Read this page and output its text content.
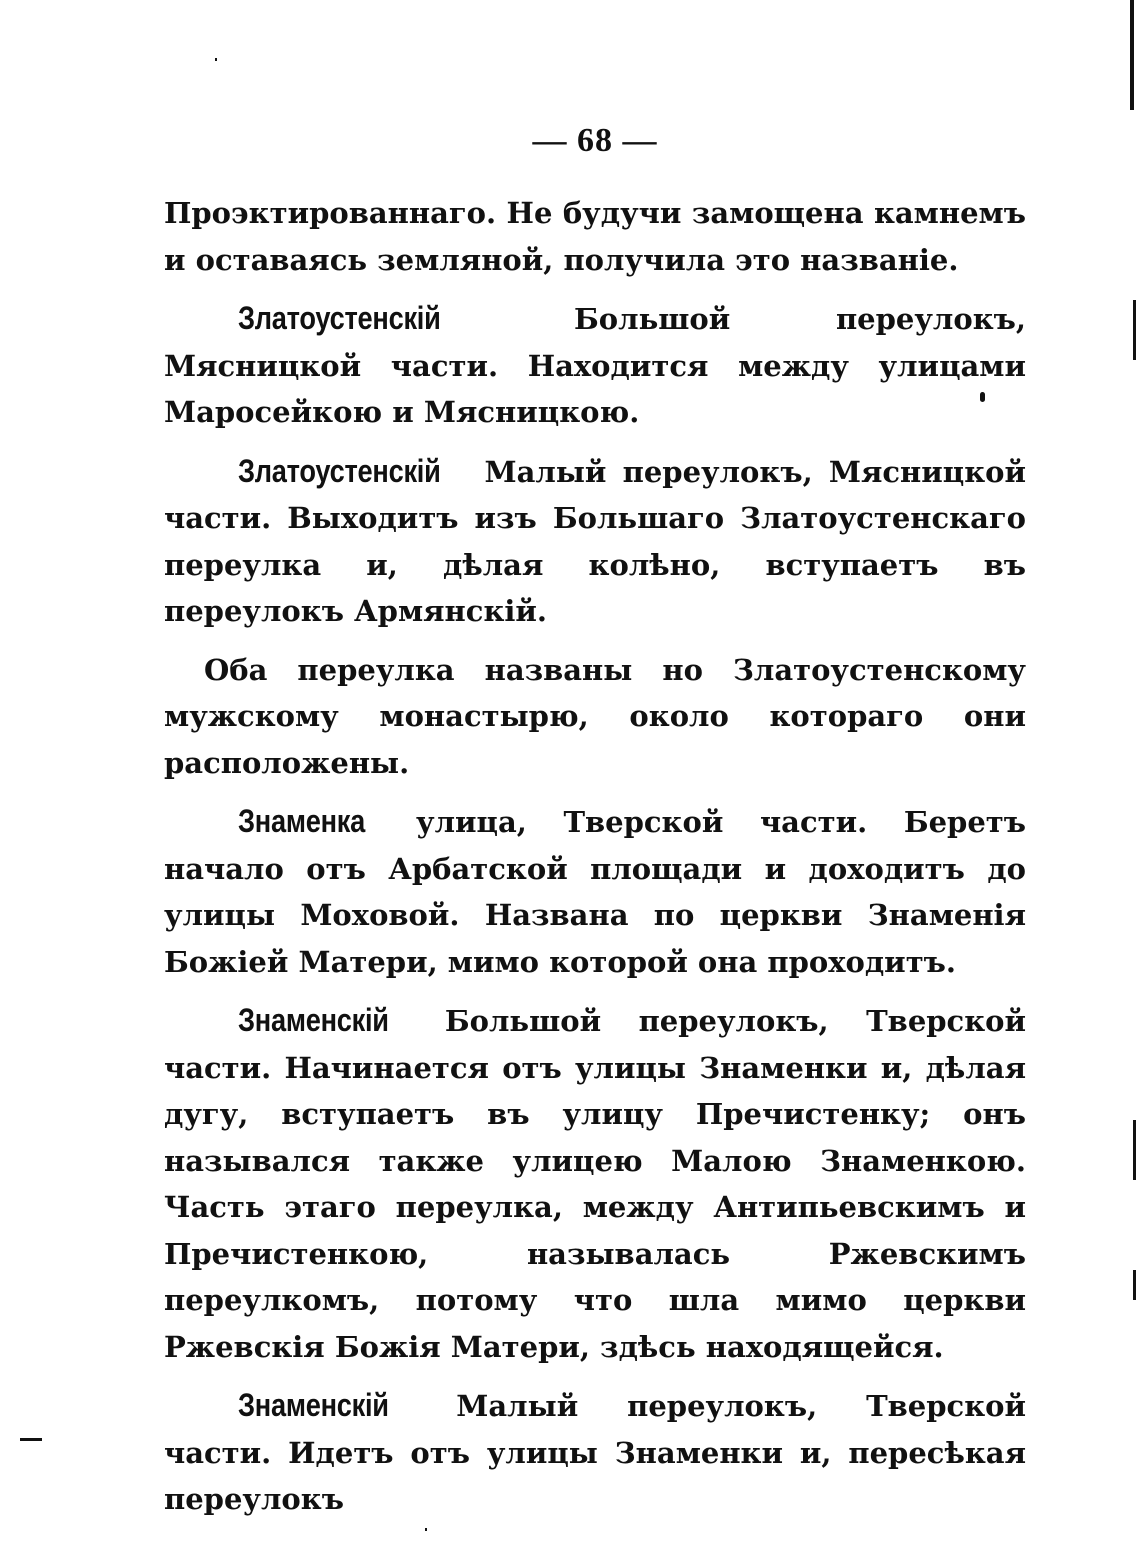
— 68 —

Проэктированнаго. Не будучи замощена камнемъ и оставаясь земляной, получила это названіе.

Златоустенскій Большой переулокъ, Мясницкой части. Находится между улицами Маросейкою и Мясницкою.

Златоустенскій Малый переулокъ, Мясницкой части. Выходитъ изъ Большаго Златоустенскаго переулка и, дѣлая колѣно, вступаетъ въ переулокъ Армянскій.

Оба переулка названы но Златоустенскому мужскому монастырю, около котораго они расположены.

Знаменка улица, Тверской части. Беретъ начало отъ Арбатской площади и доходитъ до улицы Моховой. Названа по церкви Знаменія Божіей Матери, мимо которой она проходитъ.

Знаменскій Большой переулокъ, Тверской части. Начинается отъ улицы Знаменки и, дѣлая дугу, вступаетъ въ улицу Пречистенку; онъ назывался также улицею Малою Знаменкою. Часть этаго переулка, между Антипьевскимъ и Пречистенкою, называлась Ржевскимъ переулкомъ, потому что шла мимо церкви Ржевскія Божія Матери, здѣсь находящейся.

Знаменскій Малый переулокъ, Тверской части. Идетъ отъ улицы Знаменки и, пересѣкая переулокъ
